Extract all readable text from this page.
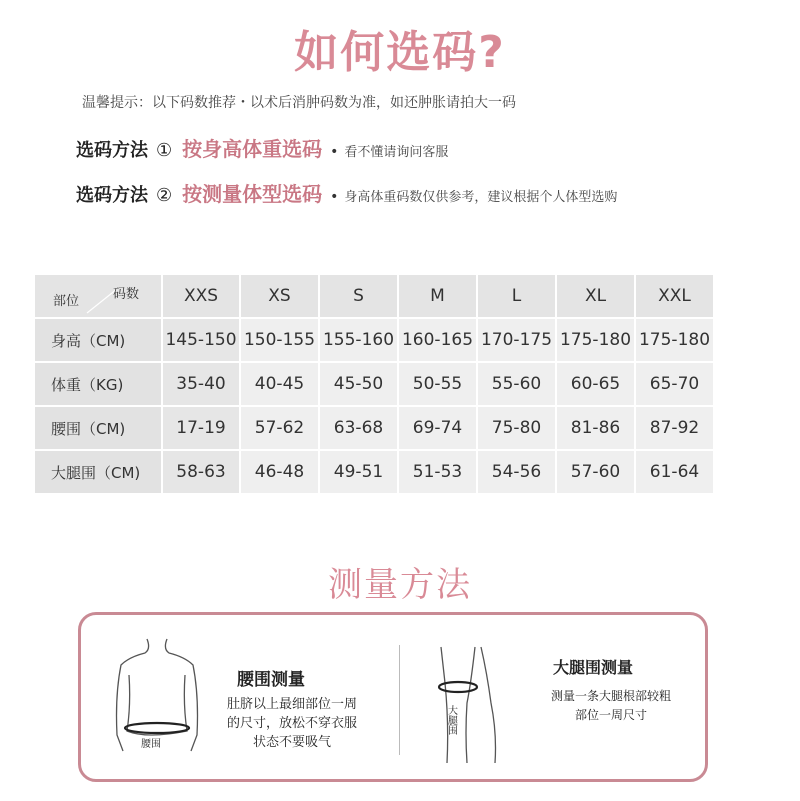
如何选码?
温馨提示：以下码数推荐・以术后消肿码数为准，如还肿胀请拍大一码
选码方法 ① 按身高体重选码 • 看不懂请询问客服
选码方法 ② 按测量体型选码 • 身高体重码数仅供参考，建议根据个人体型选购
部位 码数	XXS	XS	S	M	L	XL	XXL
身高（CM)	145-150	150-155	155-160	160-165	170-175	175-180	175-180
体重（KG)	35-40	40-45	45-50	50-55	55-60	60-65	65-70
腰围（CM)	17-19	57-62	63-68	69-74	75-80	81-86	87-92
大腿围（CM)	58-63	46-48	49-51	51-53	54-56	57-60	61-64
测量方法
腰围
腰围测量
肚脐以上最细部位一周
的尺寸，放松不穿衣服
状态不要吸气
大腿围
大腿围测量
测量一条大腿根部较粗
部位一周尺寸
